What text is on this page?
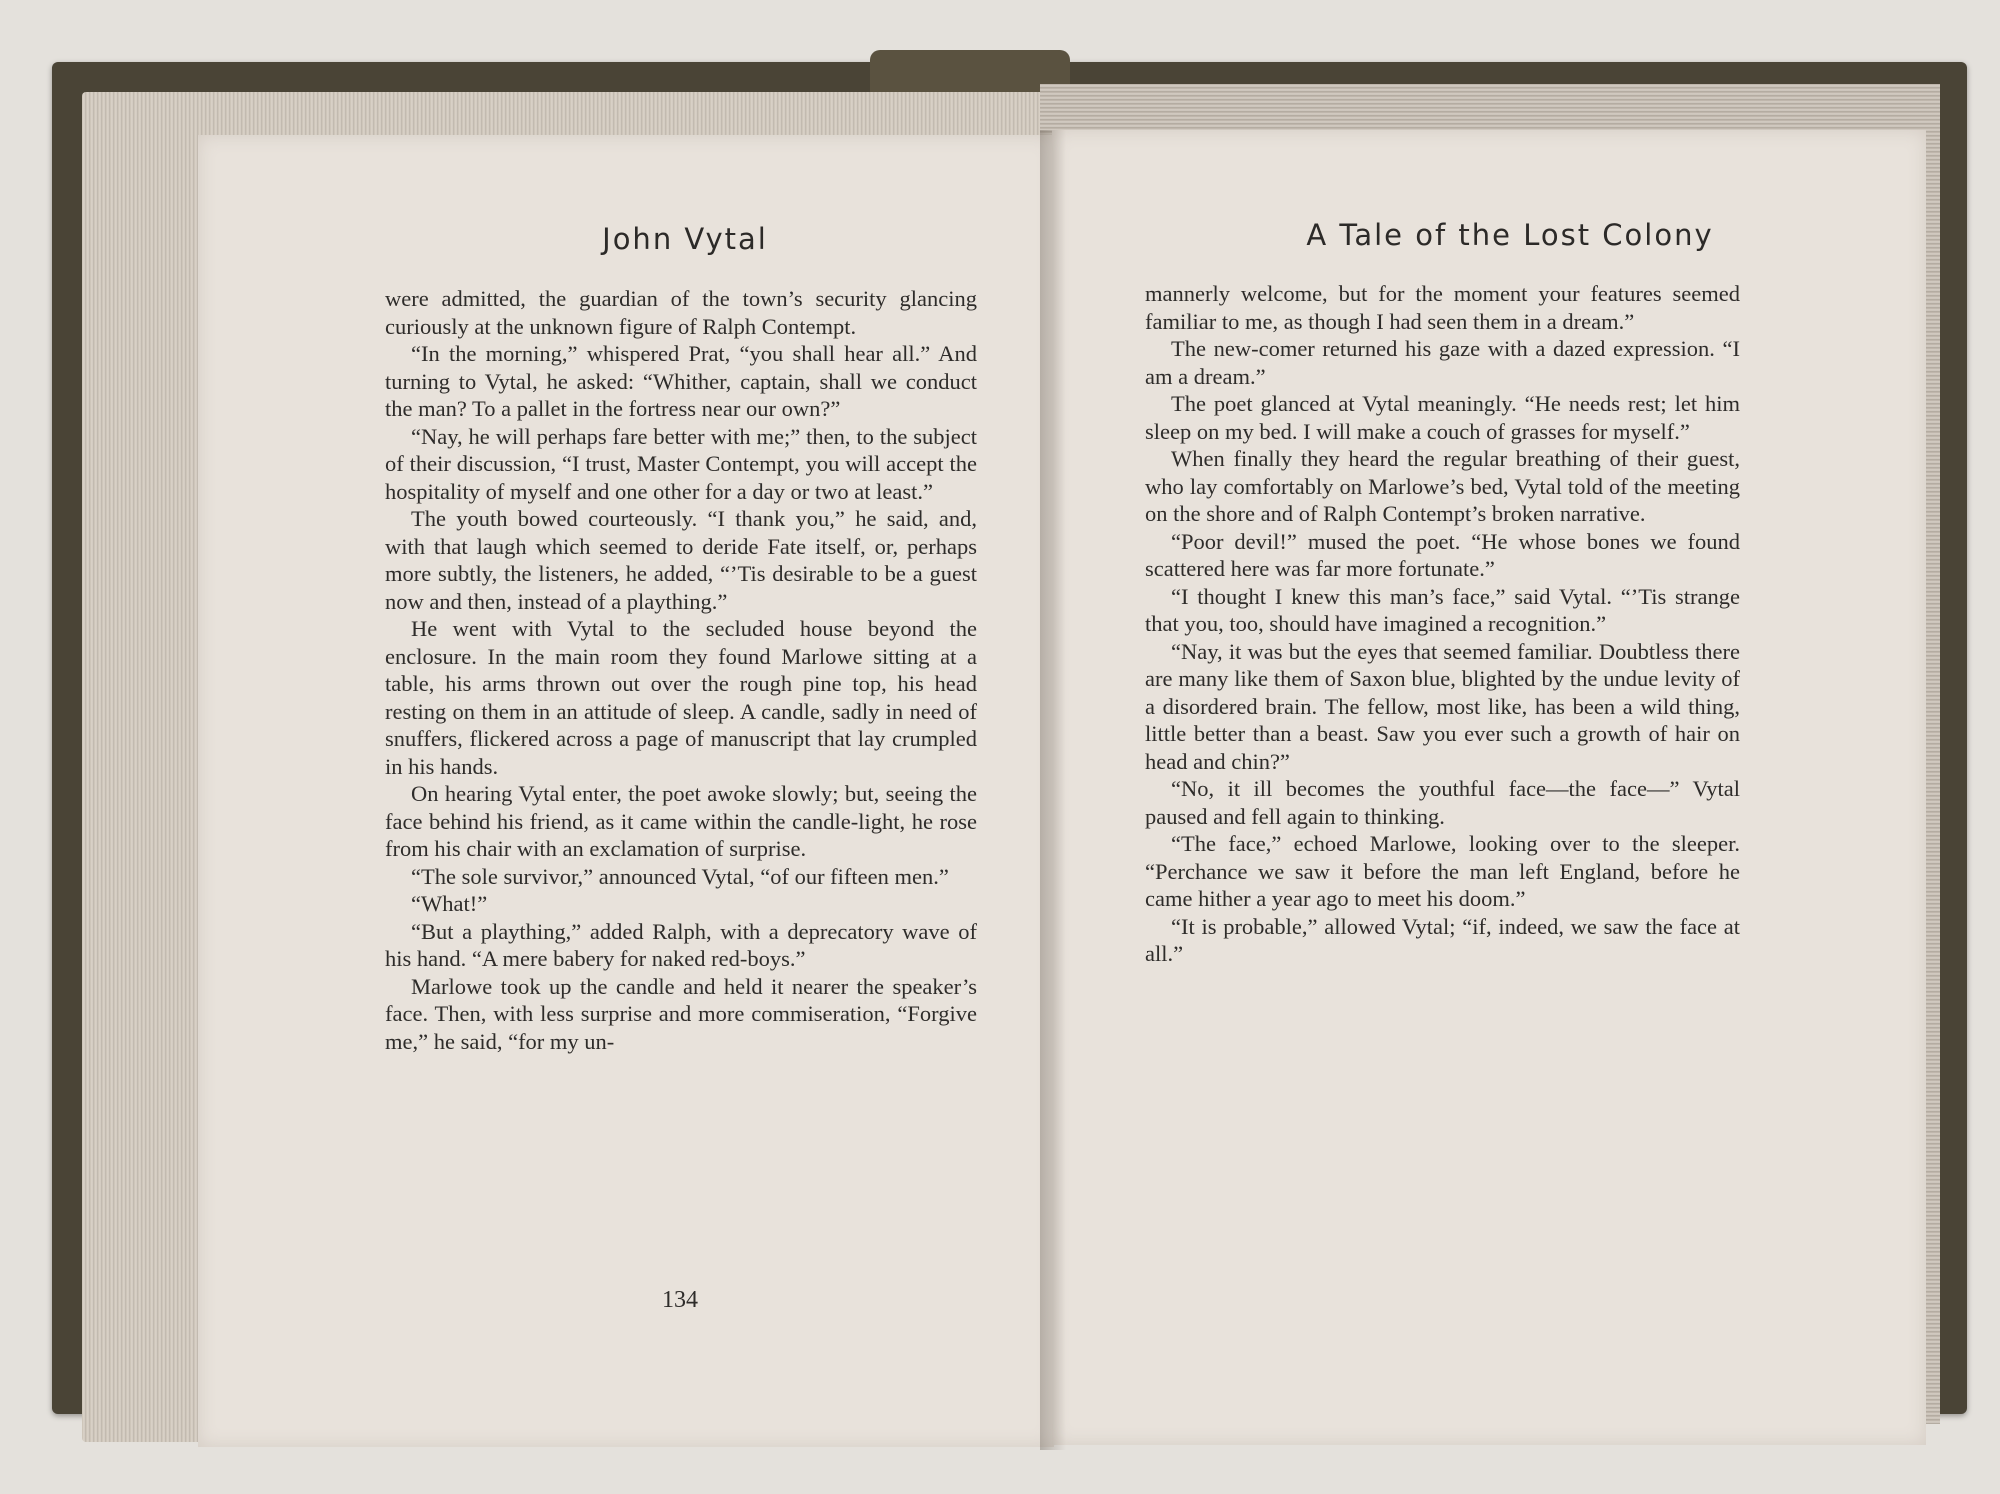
John Vytal	A Tale of the Lost Colony

were admitted, the guardian of the town’s security glancing curiously at the unknown figure of Ralph Contempt.

“In the morning,” whispered Prat, “you shall hear all.” And turning to Vytal, he asked: “Whither, captain, shall we conduct the man? To a pallet in the fortress near our own?”

“Nay, he will perhaps fare better with me;” then, to the subject of their discussion, “I trust, Master Contempt, you will accept the hospitality of myself and one other for a day or two at least.”

The youth bowed courteously. “I thank you,” he said, and, with that laugh which seemed to deride Fate itself, or, perhaps more subtly, the listeners, he added, “’Tis desirable to be a guest now and then, instead of a plaything.”

He went with Vytal to the secluded house beyond the enclosure. In the main room they found Marlowe sitting at a table, his arms thrown out over the rough pine top, his head resting on them in an attitude of sleep. A candle, sadly in need of snuffers, flickered across a page of manuscript that lay crumpled in his hands.

On hearing Vytal enter, the poet awoke slowly; but, seeing the face behind his friend, as it came within the candle-light, he rose from his chair with an exclamation of surprise.

“The sole survivor,” announced Vytal, “of our fifteen men.”

“What!”

“But a plaything,” added Ralph, with a deprecatory wave of his hand. “A mere babery for naked red-boys.”

Marlowe took up the candle and held it nearer the speaker’s face. Then, with less surprise and more commiseration, “Forgive me,” he said, “for my un-

134

mannerly welcome, but for the moment your features seemed familiar to me, as though I had seen them in a dream.”

The new-comer returned his gaze with a dazed expression. “I am a dream.”

The poet glanced at Vytal meaningly. “He needs rest; let him sleep on my bed. I will make a couch of grasses for myself.”

When finally they heard the regular breathing of their guest, who lay comfortably on Marlowe’s bed, Vytal told of the meeting on the shore and of Ralph Contempt’s broken narrative.

“Poor devil!” mused the poet. “He whose bones we found scattered here was far more fortunate.”

“I thought I knew this man’s face,” said Vytal. “’Tis strange that you, too, should have imagined a recognition.”

“Nay, it was but the eyes that seemed familiar. Doubtless there are many like them of Saxon blue, blighted by the undue levity of a disordered brain. The fellow, most like, has been a wild thing, little better than a beast. Saw you ever such a growth of hair on head and chin?”

“No, it ill becomes the youthful face—the face—” Vytal paused and fell again to thinking.

“The face,” echoed Marlowe, looking over to the sleeper. “Perchance we saw it before the man left England, before he came hither a year ago to meet his doom.”

“It is probable,” allowed Vytal; “if, indeed, we saw the face at all.”
